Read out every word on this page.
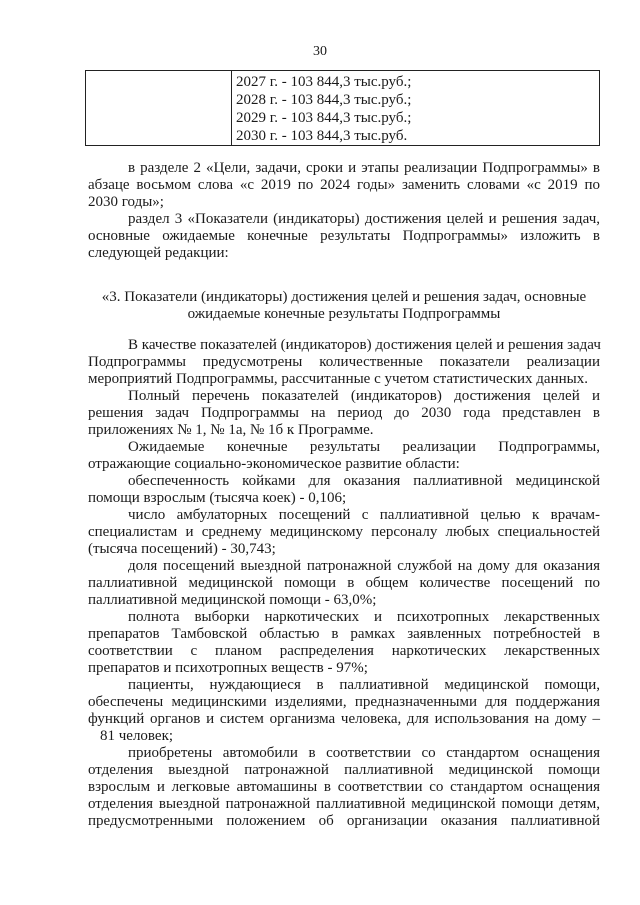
30

2027 г. - 103 844,3 тыс.руб.;
2028 г. - 103 844,3 тыс.руб.;
2029 г. - 103 844,3 тыс.руб.;
2030 г. - 103 844,3 тыс.руб.
в разделе 2 «Цели, задачи, сроки и этапы реализации Подпрограммы» в
абзаце восьмом слова «с 2019 по 2024 годы» заменить словами «с 2019 по
2030 годы»;
раздел 3 «Показатели (индикаторы) достижения целей и решения задач,
основные ожидаемые конечные результаты Подпрограммы» изложить в
следующей редакции:
«3. Показатели (индикаторы) достижения целей и решения задач, основные
ожидаемые конечные результаты Подпрограммы
В качестве показателей (индикаторов) достижения целей и решения задач
Подпрограммы предусмотрены количественные показатели реализации
мероприятий Подпрограммы, рассчитанные с учетом статистических данных.
Полный перечень показателей (индикаторов) достижения целей и
решения задач Подпрограммы на период до 2030 года представлен в
приложениях № 1, № 1а, № 1б к Программе.
Ожидаемые конечные результаты реализации Подпрограммы,
отражающие социально-экономическое развитие области:
обеспеченность койками для оказания паллиативной медицинской
помощи взрослым (тысяча коек) - 0,106;
число амбулаторных посещений с паллиативной целью к врачам-
специалистам и среднему медицинскому персоналу любых специальностей
(тысяча посещений) - 30,743;
доля посещений выездной патронажной службой на дому для оказания
паллиативной медицинской помощи в общем количестве посещений по
паллиативной медицинской помощи - 63,0%;
полнота выборки наркотических и психотропных лекарственных
препаратов Тамбовской областью в рамках заявленных потребностей в
соответствии с планом распределения наркотических лекарственных
препаратов и психотропных веществ - 97%;
пациенты, нуждающиеся в паллиативной медицинской помощи,
обеспечены медицинскими изделиями, предназначенными для поддержания
функций органов и систем организма человека, для использования на дому –
81 человек;
приобретены автомобили в соответствии со стандартом оснащения
отделения выездной патронажной паллиативной медицинской помощи
взрослым и легковые автомашины в соответствии со стандартом оснащения
отделения выездной патронажной паллиативной медицинской помощи детям,
предусмотренными положением об организации оказания паллиативной
